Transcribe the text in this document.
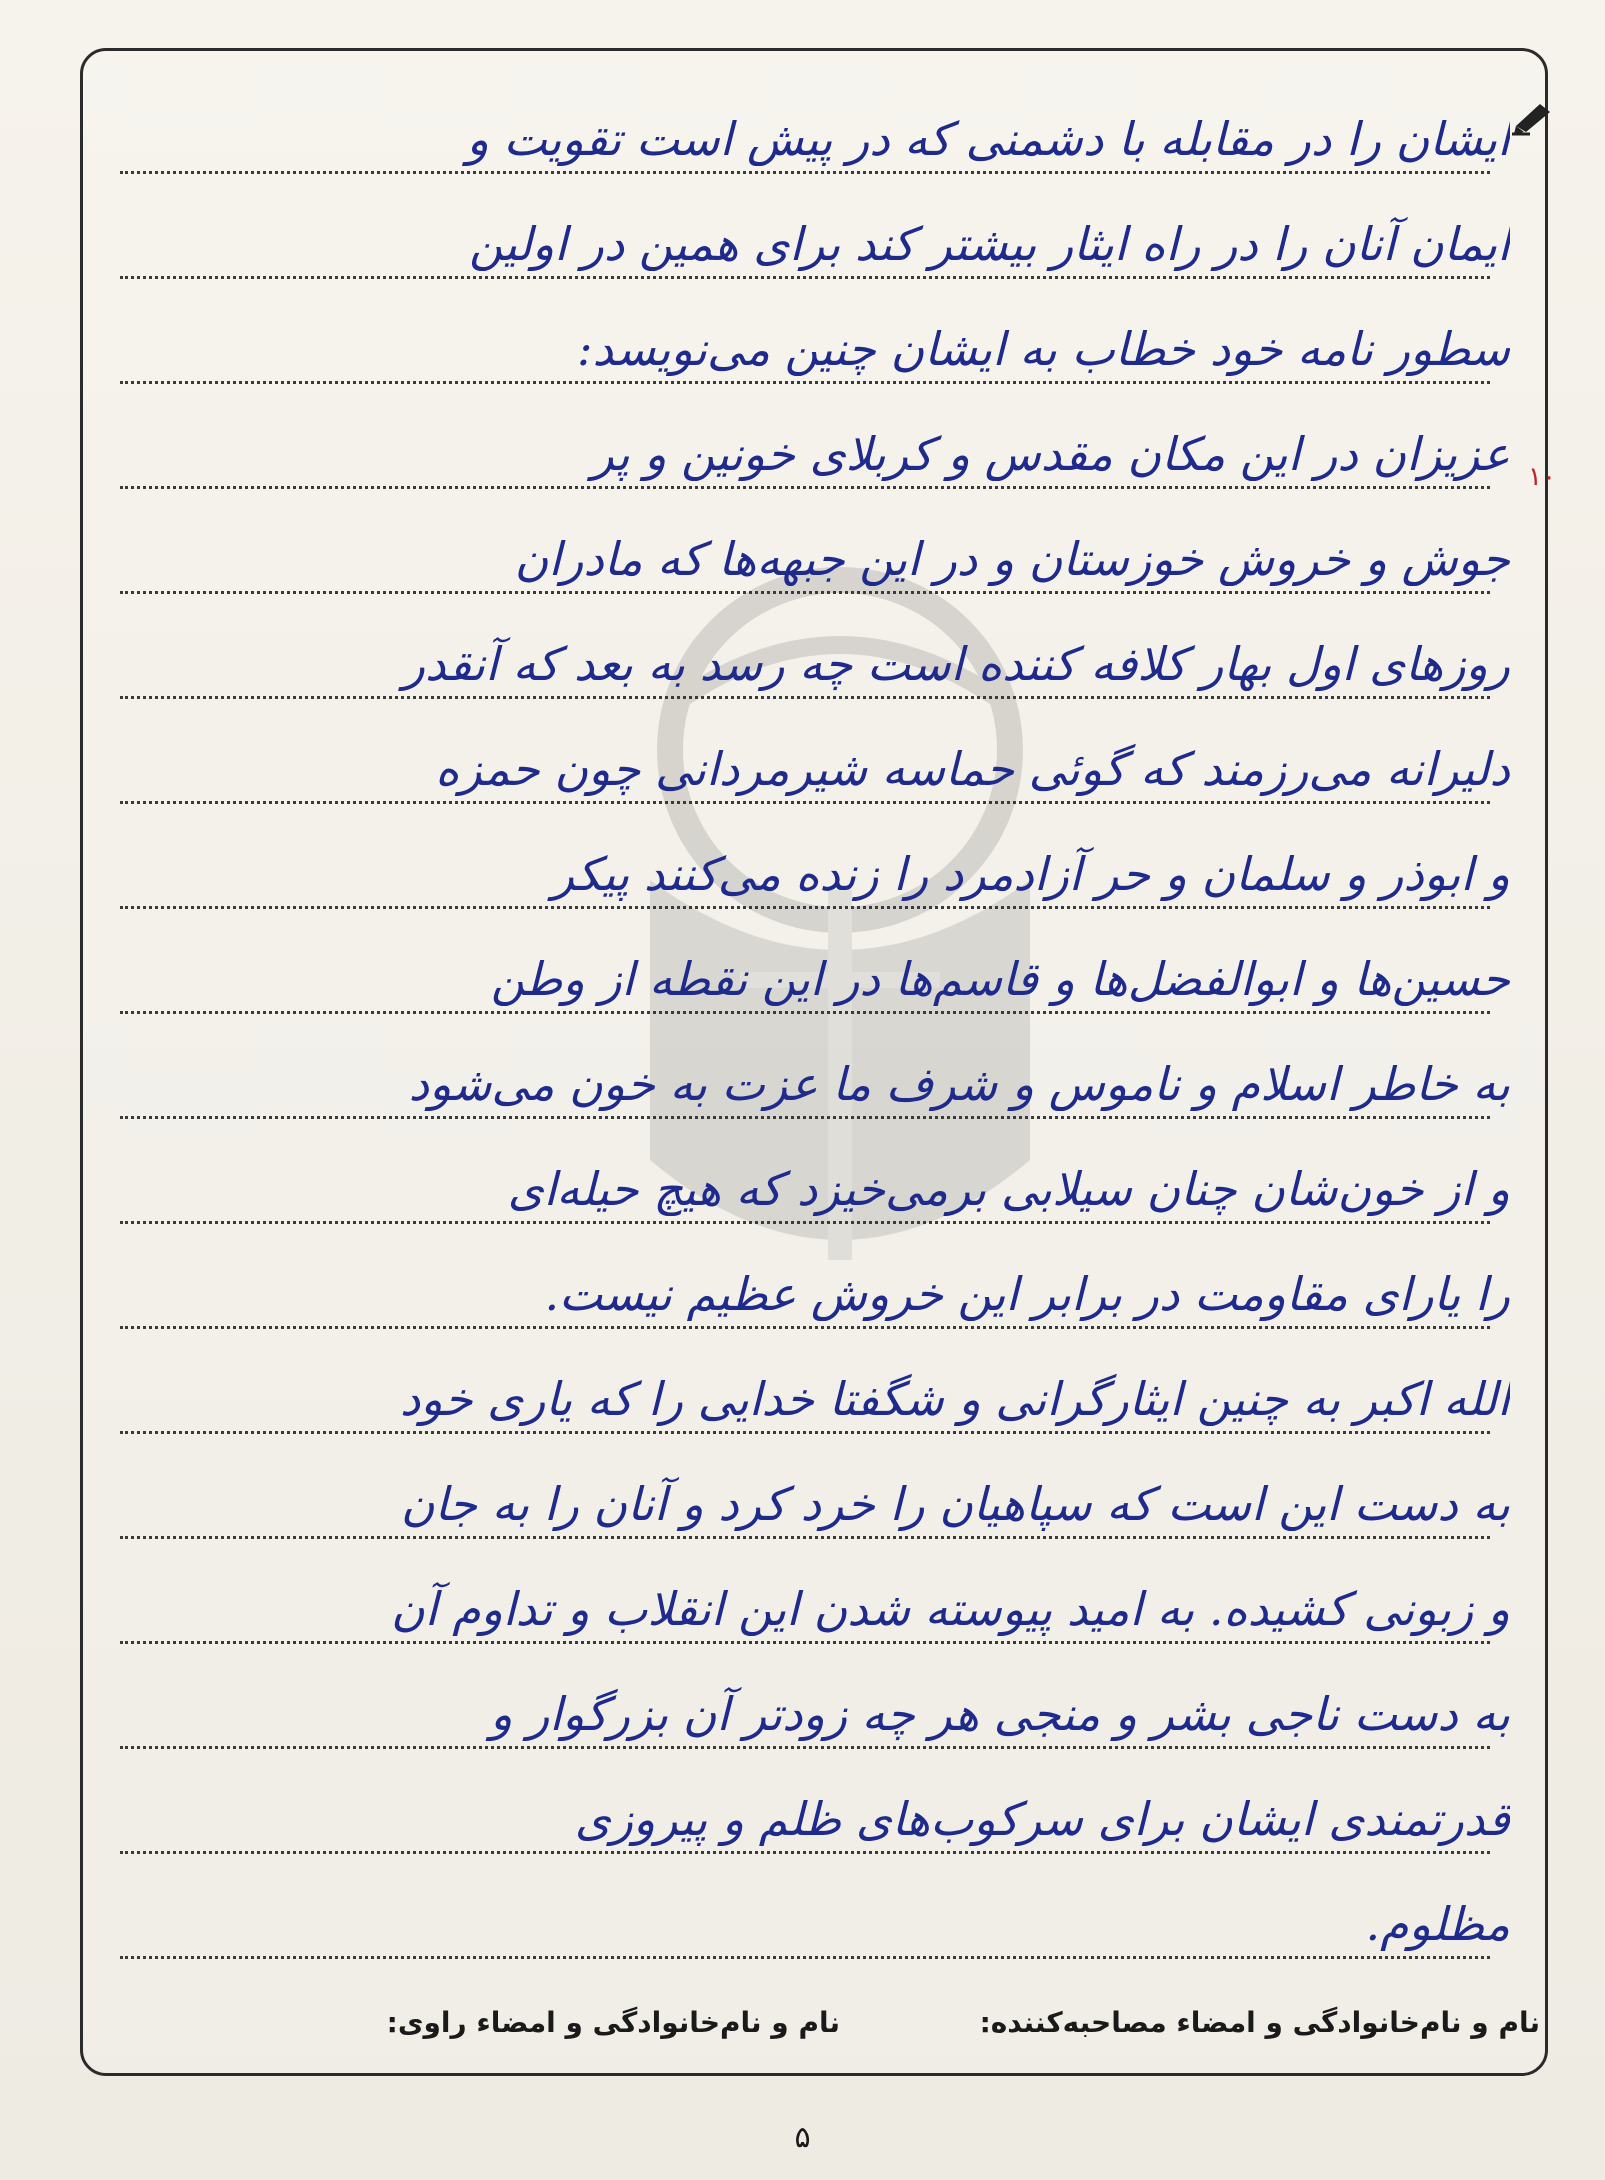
۱۰
ایشان را در مقابله با دشمنی که در پیش است تقویت و
ایمان آنان را در راه ایثار بیشتر کند برای همین در اولین
سطور نامه خود خطاب به ایشان چنین می‌نویسد:
عزیزان در این مکان مقدس و کربلای خونین و پر
جوش و خروش خوزستان و در این جبهه‌ها که مادران
روزهای اول بهار کلافه کننده است چه رسد به بعد که آنقدر
دلیرانه می‌رزمند که گوئی حماسه شیرمردانی چون حمزه
و ابوذر و سلمان و حر آزادمرد را زنده می‌کنند پیکر
حسین‌ها و ابوالفضل‌ها و قاسم‌ها در این نقطه از وطن
به خاطر اسلام و ناموس و شرف ما عزت به خون می‌شود
و از خون‌شان چنان سیلابی برمی‌خیزد که هیچ حیله‌ای
را یارای مقاومت در برابر این خروش عظیم نیست.
الله اکبر به چنین ایثارگرانی و شگفتا خدایی را که یاری خود
به دست این است که سپاهیان را خرد کرد و آنان را به جان
و زبونی کشیده. به امید پیوسته شدن این انقلاب و تداوم آن
به دست ناجی بشر و منجی هر چه زودتر آن بزرگوار و
قدرتمندی ایشان برای سرکوب‌های ظلم و پیروزی
مظلوم.
نام و نام‌خانوادگی و امضاء مصاحبه‌کننده:
نام و نام‌خانوادگی و امضاء راوی:
۵
